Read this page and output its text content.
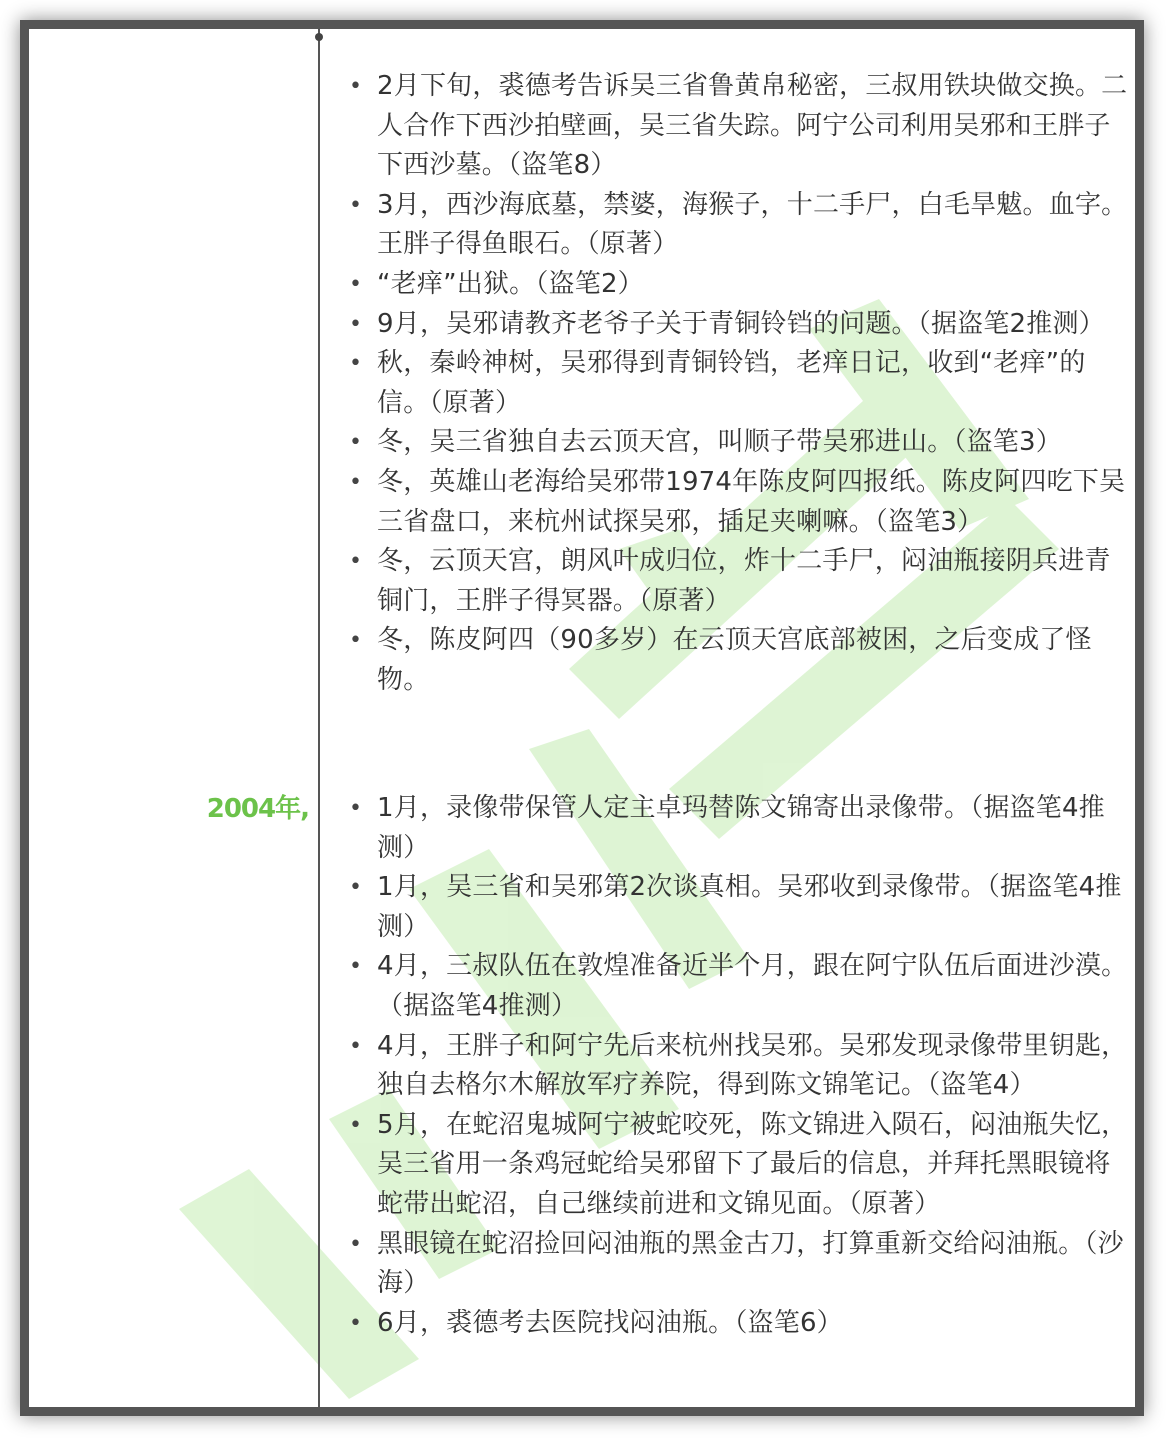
2004年,
• 2月下旬，裘德考告诉吴三省鲁黄帛秘密，三叔用铁块做交换。二人合作下西沙拍壁画，吴三省失踪。阿宁公司利用吴邪和王胖子下西沙墓。（盗笔8）
• 3月，西沙海底墓，禁婆，海猴子，十二手尸，白毛旱魃。血字。王胖子得鱼眼石。（原著）
• “老痒”出狱。（盗笔2）
• 9月，吴邪请教齐老爷子关于青铜铃铛的问题。（据盗笔2推测）
• 秋，秦岭神树，吴邪得到青铜铃铛，老痒日记，收到“老痒”的信。（原著）
• 冬，吴三省独自去云顶天宫，叫顺子带吴邪进山。（盗笔3）
• 冬，英雄山老海给吴邪带1974年陈皮阿四报纸。陈皮阿四吃下吴三省盘口，来杭州试探吴邪，插足夹喇嘛。（盗笔3）
• 冬，云顶天宫，朗风叶成归位，炸十二手尸，闷油瓶接阴兵进青铜门，王胖子得冥器。（原著）
• 冬，陈皮阿四（90多岁）在云顶天宫底部被困，之后变成了怪物。
• 1月，录像带保管人定主卓玛替陈文锦寄出录像带。（据盗笔4推测）
• 1月，吴三省和吴邪第2次谈真相。吴邪收到录像带。（据盗笔4推测）
• 4月，三叔队伍在敦煌准备近半个月，跟在阿宁队伍后面进沙漠。（据盗笔4推测）
• 4月，王胖子和阿宁先后来杭州找吴邪。吴邪发现录像带里钥匙，独自去格尔木解放军疗养院，得到陈文锦笔记。（盗笔4）
• 5月，在蛇沼鬼城阿宁被蛇咬死，陈文锦进入陨石，闷油瓶失忆，吴三省用一条鸡冠蛇给吴邪留下了最后的信息，并拜托黑眼镜将蛇带出蛇沼，自己继续前进和文锦见面。（原著）
• 黑眼镜在蛇沼捡回闷油瓶的黑金古刀，打算重新交给闷油瓶。（沙海）
• 6月，裘德考去医院找闷油瓶。（盗笔6）
